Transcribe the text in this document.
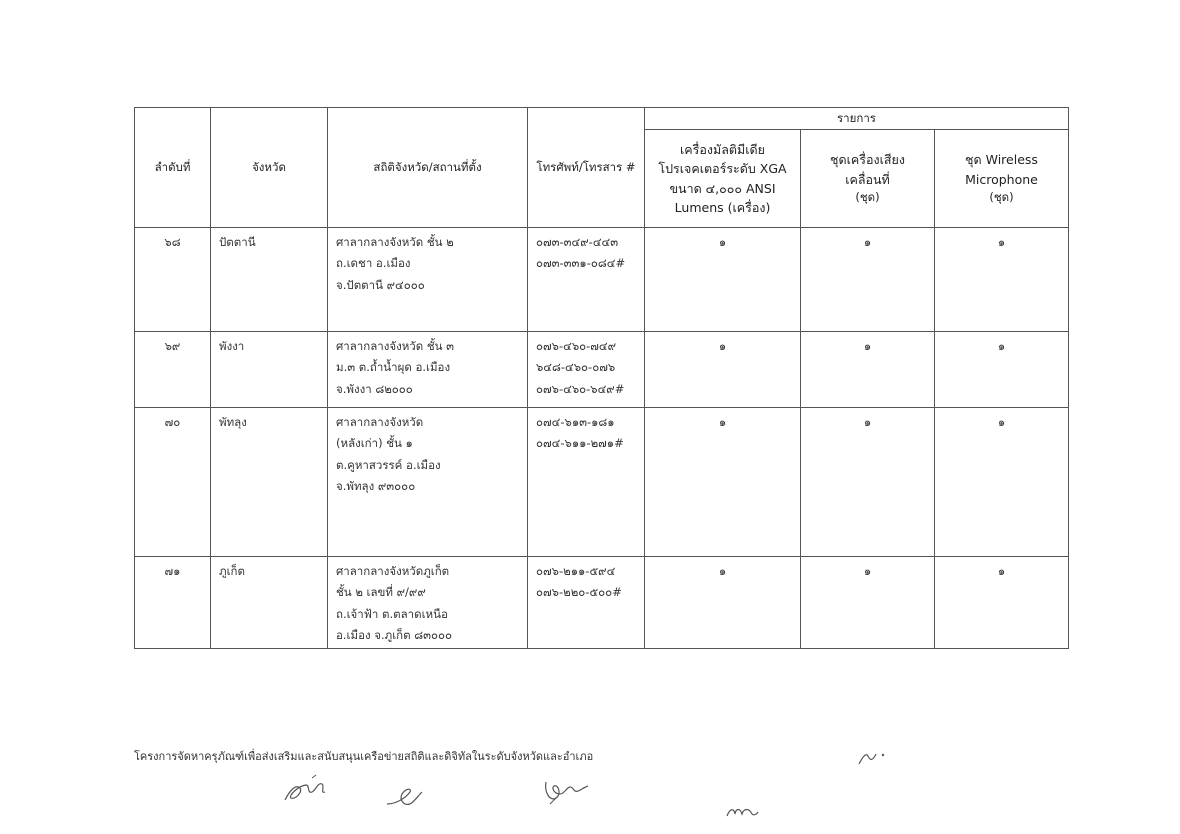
ลำดับที่	จังหวัด	สถิติจังหวัด/สถานที่ตั้ง	โทรศัพท์/โทรสาร #	รายการ		

				เครื่องมัลติมีเดีย
โปรเจคเตอร์ระดับ XGA
ขนาด ๔,๐๐๐ ANSI
Lumens (เครื่อง)	ชุดเครื่องเสียง
เคลื่อนที่
(ชุด)	ชุด Wireless
Microphone
(ชุด)

๖๘	ปัตตานี	ศาลากลางจังหวัด ชั้น ๒
ถ.เดชา อ.เมือง
จ.ปัตตานี ๙๔๐๐๐	๐๗๓-๓๔๙-๔๔๓
๐๗๓-๓๓๑-๐๘๔#	๑	๑	๑

๖๙	พังงา	ศาลากลางจังหวัด ชั้น ๓
ม.๓ ต.ถ้ำน้ำผุด อ.เมือง
จ.พังงา ๘๒๐๐๐	๐๗๖-๔๖๐-๗๔๙
๖๔๘-๔๖๐-๐๗๖
๐๗๖-๔๖๐-๖๔๙#	๑	๑	๑

๗๐	พัทลุง	ศาลากลางจังหวัด
(หลังเก่า) ชั้น ๑
ต.คูหาสวรรค์ อ.เมือง
จ.พัทลุง ๙๓๐๐๐	๐๗๔-๖๑๓-๑๘๑
๐๗๔-๖๑๑-๒๗๑#	๑	๑	๑

๗๑	ภูเก็ต	ศาลากลางจังหวัดภูเก็ต
ชั้น ๒ เลขที่ ๙/๙๙
ถ.เจ้าฟ้า ต.ตลาดเหนือ
อ.เมือง จ.ภูเก็ต ๘๓๐๐๐	๐๗๖-๒๑๑-๕๙๔
๐๗๖-๒๒๐-๕๐๐#	๑	๑	๑
โครงการจัดหาครุภัณฑ์เพื่อส่งเสริมและสนับสนุนเครือข่ายสถิติและดิจิทัลในระดับจังหวัดและอำเภอ
